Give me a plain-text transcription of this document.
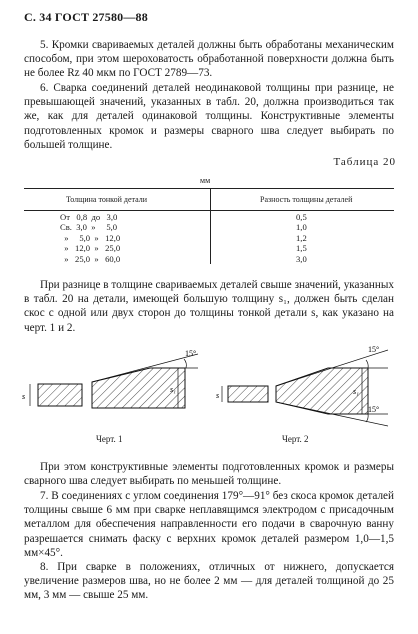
С. 34 ГОСТ 27580—88
5. Кромки свариваемых деталей должны быть обработаны механическим способом, при этом шероховатость обработанной поверхности должна быть не более Rz 40 мкм по ГОСТ 2789—73.
6. Сварка соединений деталей неодинаковой толщины при разнице, не превышающей значений, указанных в табл. 20, должна производиться так же, как для деталей одинаковой толщины. Конструктивные элементы подготовленных кромок и размеры сварного шва следует выбирать по большей толщине.
Таблица 20
мм
Толщина тонкой детали	Разность толщины деталей
От   0,8  до   3,0
Св.  3,0  »     5,0
»     5,0  »   12,0
»   12,0  »   25,0
»   25,0  »   60,0
0,5
1,0
1,2
1,5
3,0
При разнице в толщине свариваемых деталей свыше значений, указанных в табл. 20 на детали, имеющей большую толщину s₁, должен быть сделан скос с одной или двух сторон до толщины тонкой детали s, как указано на черт. 1 и 2.
15°
s
s₁
Черт. 1
15°
15°
s	s₁
Черт. 2
При этом конструктивные элементы подготовленных кромок и размеры сварного шва следует выбирать по меньшей толщине.
7. В соединениях с углом соединения 179°—91° без скоса кромок деталей толщины свыше 6 мм при сварке неплавящимся электродом с присадочным металлом для обеспечения направленности его подачи в сварочную ванну разрешается снимать фаску с верхних кромок деталей размером 1,0—1,5 мм×45°.
8. При сварке в положениях, отличных от нижнего, допускается увеличение размеров шва, но не более 2 мм — для деталей толщиной до 25 мм, 3 мм — свыше 25 мм.
